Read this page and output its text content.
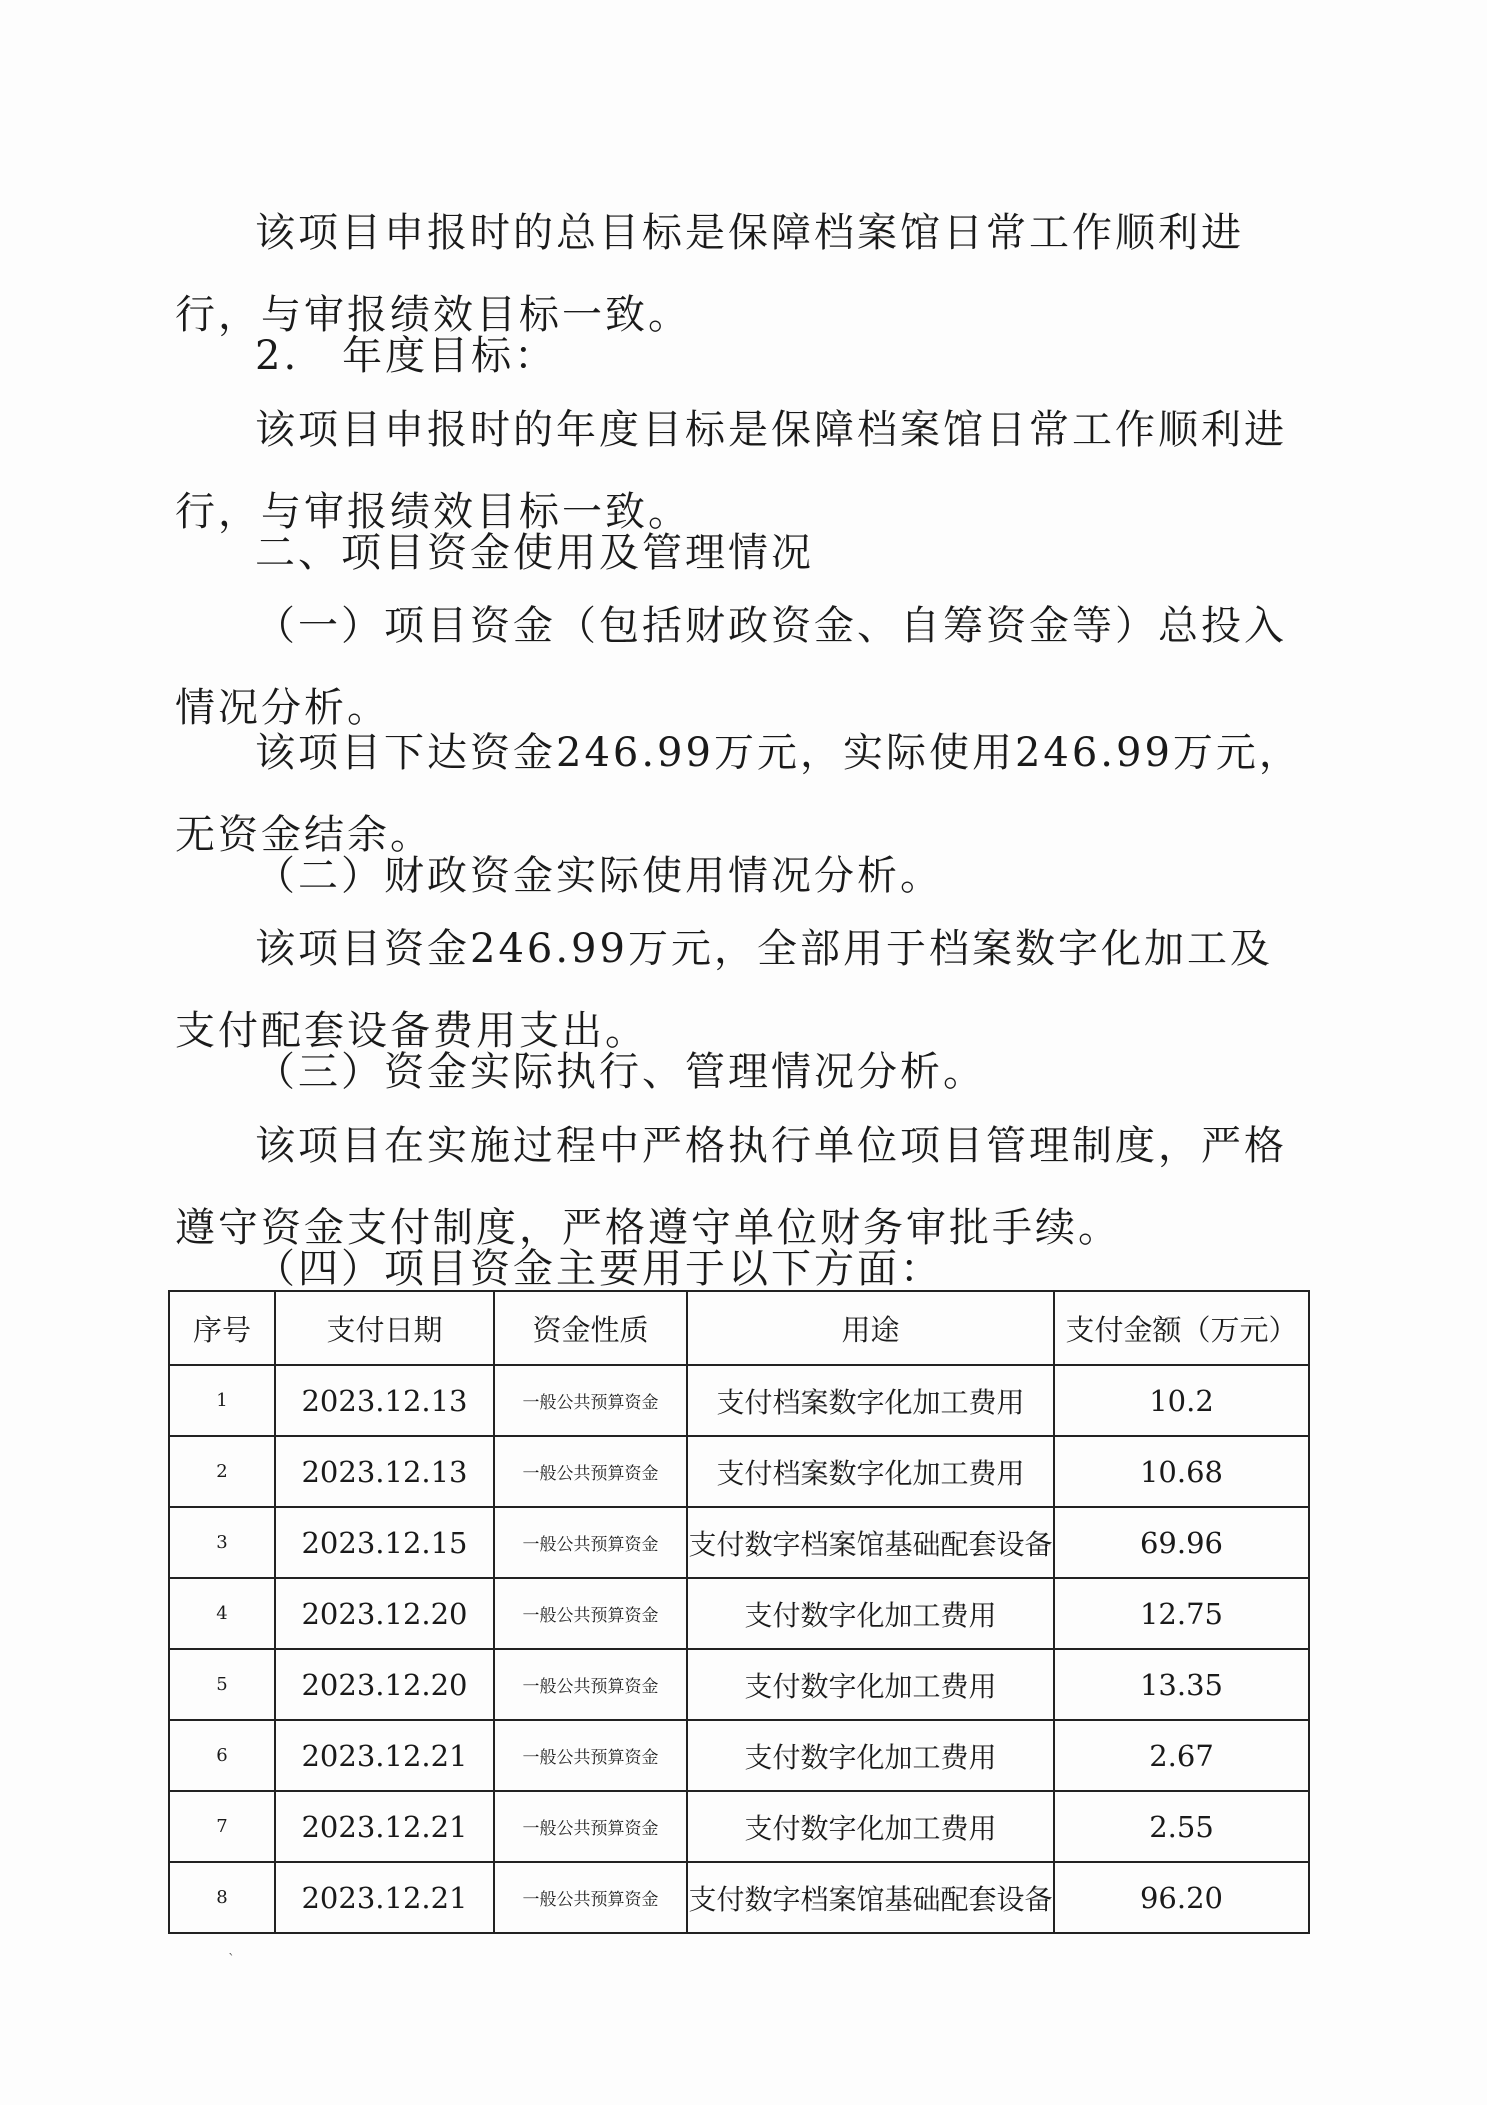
该项目申报时的总目标是保障档案馆日常工作顺利进行，与审报绩效目标一致。

2.　年度目标：

该项目申报时的年度目标是保障档案馆日常工作顺利进行，与审报绩效目标一致。

二、项目资金使用及管理情况

（一）项目资金（包括财政资金、自筹资金等）总投入情况分析。

该项目下达资金246.99万元，实际使用246.99万元，无资金结余。

（二）财政资金实际使用情况分析。

该项目资金246.99万元，全部用于档案数字化加工及支付配套设备费用支出。

（三）资金实际执行、管理情况分析。

该项目在实施过程中严格执行单位项目管理制度，严格遵守资金支付制度，严格遵守单位财务审批手续。

（四）项目资金主要用于以下方面：

序号	支付日期	资金性质	用途	支付金额（万元）
1	2023.12.13	一般公共预算资金	支付档案数字化加工费用	10.2
2	2023.12.13	一般公共预算资金	支付档案数字化加工费用	10.68
3	2023.12.15	一般公共预算资金	支付数字档案馆基础配套设备	69.96
4	2023.12.20	一般公共预算资金	支付数字化加工费用	12.75
5	2023.12.20	一般公共预算资金	支付数字化加工费用	13.35
6	2023.12.21	一般公共预算资金	支付数字化加工费用	2.67
7	2023.12.21	一般公共预算资金	支付数字化加工费用	2.55
8	2023.12.21	一般公共预算资金	支付数字档案馆基础配套设备	96.20
`
